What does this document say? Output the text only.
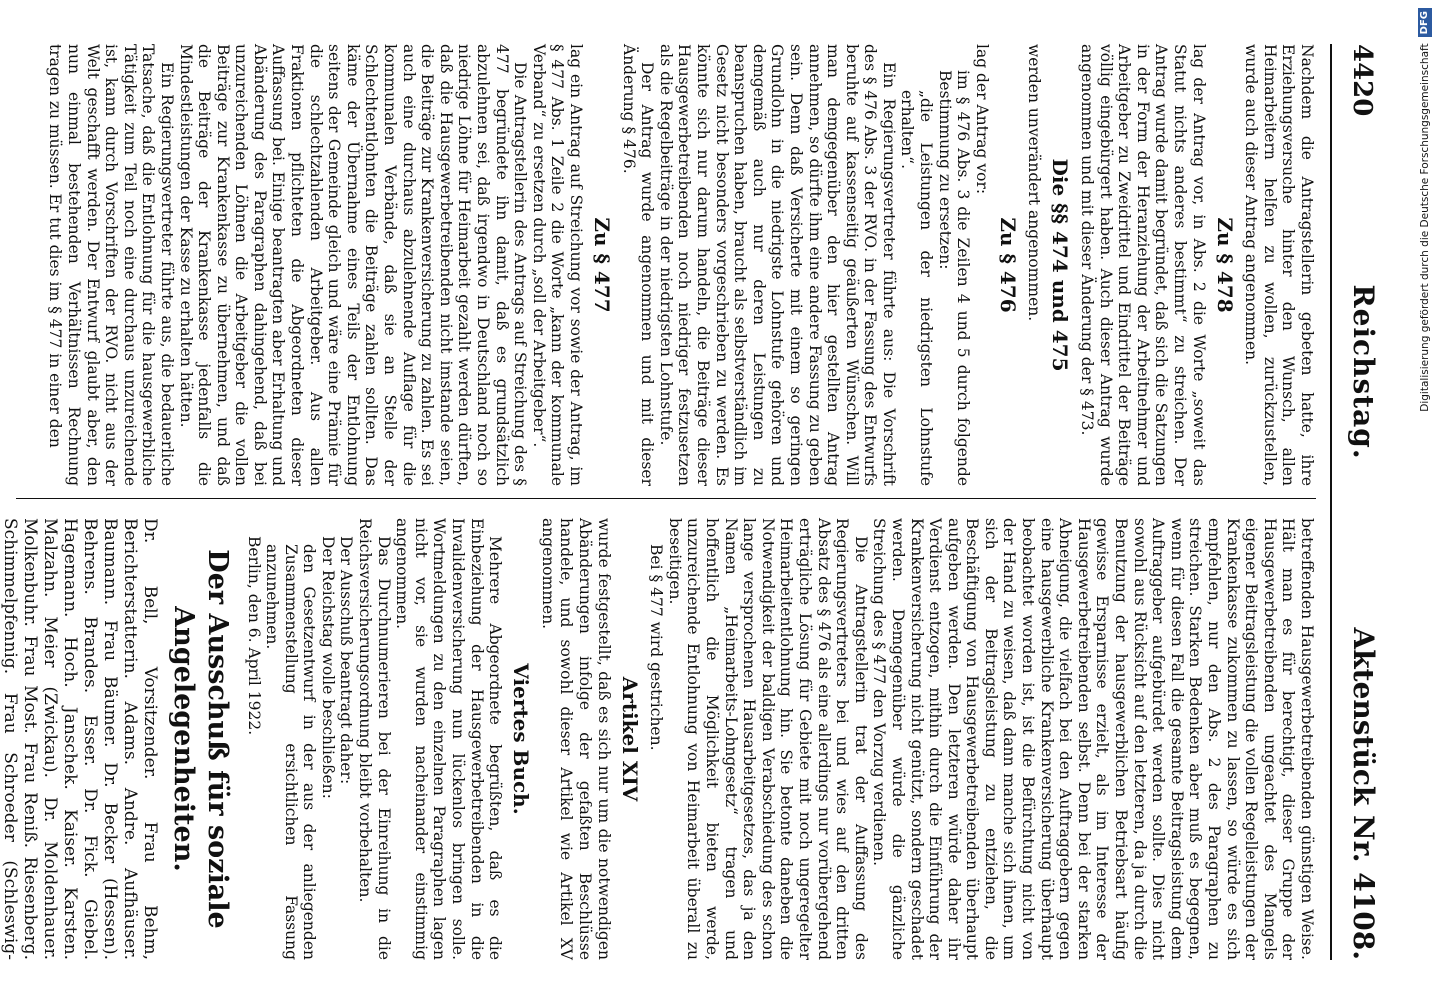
4420
Reichstag.
Aktenstück Nr. 4108.

Nachdem die Antragstellerin gebeten hatte, ihre Erziehungsversuche hinter den Wunsch, allen Heimarbeitern helfen zu wollen, zurückzustellen, wurde auch dieser Antrag angenommen.

Zu § 478

lag der Antrag vor, in Abs. 2 die Worte „soweit das Statut nichts anderes bestimmt“ zu streichen. Der Antrag wurde damit begründet, daß sich die Satzungen in der Form der Heranziehung der Arbeitnehmer und Arbeitgeber zu Zweidrittel und Eindrittel der Beiträge völlig eingebürgert haben. Auch dieser Antrag wurde angenommen und mit dieser Änderung der § 473.

Die §§ 474 und 475

werden unverändert angenommen.

Zu § 476

lag der Antrag vor:

im § 476 Abs. 3 die Zeilen 4 und 5 durch folgende Bestimmung zu ersetzen:

„die Leistungen der niedrigsten Lohnstufe erhalten“.

Ein Regierungsvertreter führte aus: Die Vorschrift des § 476 Abs. 3 der RVO. in der Fassung des Entwurfs beruhte auf kassenseitig geäußerten Wünschen. Will man demgegenüber den hier gestellten Antrag annehmen, so dürfte ihm eine andere Fassung zu geben sein. Denn daß Versicherte mit einem so geringen Grundlohn in die niedrigste Lohnstufe gehören und demgemäß auch nur deren Leistungen zu beanspruchen haben, braucht als selbstverständlich im Gesetz nicht besonders vorgeschrieben zu werden. Es könnte sich nur darum handeln, die Beiträge dieser Hausgewerbetreibenden noch niedriger festzusetzen als die Regelbeiträge in der niedrigsten Lohnstufe.

Der Antrag wurde angenommen und mit dieser Änderung § 476.

Zu § 477

lag ein Antrag auf Streichung vor sowie der Antrag, im § 477 Abs. 1 Zeile 2 die Worte „kann der kommunale Verband“ zu ersetzen durch „soll der Arbeitgeber“.

Die Antragstellerin des Antrags auf Streichung des § 477 begründete ihn damit, daß es grundsätzlich abzulehnen sei, daß irgendwo in Deutschland noch so niedrige Löhne für Heimarbeit gezahlt werden dürften, daß die Hausgewerbetreibenden nicht imstande seien, die Beiträge zur Krankenversicherung zu zahlen. Es sei auch eine durchaus abzulehnende Auflage für die kommunalen Verbände, daß sie an Stelle der Schlechtentlohnten die Beiträge zahlen sollten. Das käme der Übernahme eines Teils der Entlohnung seitens der Gemeinde gleich und wäre eine Prämie für die schlechtzahlenden Arbeitgeber. Aus allen Fraktionen pflichteten die Abgeordneten dieser Auffassung bei. Einige beantragten aber Erhaltung und Abänderung des Paragraphen dahingehend, daß bei unzureichenden Löhnen die Arbeitgeber die vollen Beiträge zur Krankenkasse zu übernehmen, und daß die Beiträge der Krankenkasse jedenfalls die Mindestleistungen der Kasse zu erhalten hätten.

Ein Regierungsvertreter führte aus, die bedauerliche Tatsache, daß die Entlohnung für die hausgewerbliche Tätigkeit zum Teil noch eine durchaus unzureichende ist, kann durch Vorschriften der RVO. nicht aus der Welt geschafft werden. Der Entwurf glaubt aber, den nun einmal bestehenden Verhältnissen Rechnung tragen zu müssen. Er tut dies im § 477 in einer den

betreffenden Hausgewerbetreibenden günstigen Weise. Hält man es für berechtigt, dieser Gruppe der Hausgewerbetreibenden ungeachtet des Mangels eigener Beitragsleistung die vollen Regelleistungen der Krankenkasse zukommen zu lassen, so würde es sich empfehlen, nur den Abs. 2 des Paragraphen zu streichen. Starken Bedenken aber muß es begegnen, wenn für diesen Fall die gesamte Beitragsleistung dem Auftraggeber aufgebürdet werden sollte. Dies nicht sowohl aus Rücksicht auf den letzteren, da ja durch die Benutzung der hausgewerblichen Betriebsart häufig gewisse Ersparnisse erzielt, als im Interesse der Hausgewerbetreibenden selbst. Denn bei der starken Abneigung, die vielfach bei den Auftraggebern gegen eine hausgewerbliche Krankenversicherung überhaupt beobachtet worden ist, ist die Befürchtung nicht von der Hand zu weisen, daß dann manche sich ihnen, um sich der Beitragsleistung zu entziehen, die Beschäftigung von Hausgewerbetreibenden überhaupt aufgeben werden. Den letzteren würde daher ihr Verdienst entzogen, mithin durch die Einführung der Krankenversicherung nicht genützt, sondern geschadet werden. Demgegenüber würde die gänzliche Streichung des § 477 den Vorzug verdienen.

Die Antragstellerin trat der Auffassung des Regierungsvertreters bei und wies auf den dritten Absatz des § 476 als eine allerdings nur vorübergehend erträgliche Lösung für Gebiete mit noch ungeregelter Heimarbeitentlohnung hin. Sie betonte daneben die Notwendigkeit der baldigen Verabschiedung des schon lange versprochenen Hausarbeitgesetzes, das ja den Namen „Heimarbeits-Lohngesetz“ tragen und hoffentlich die Möglichkeit bieten werde, unzureichende Entlohnung von Heimarbeit überall zu beseitigen.

Bei § 477 wird gestrichen.

Artikel XIV

wurde festgestellt, daß es sich nur um die notwendigen Abänderungen infolge der gefaßten Beschlüsse handele, und sowohl dieser Artikel wie Artikel XV angenommen.

Viertes Buch.

Mehrere Abgeordnete begrüßten, daß es die Einbeziehung der Hausgewerbetreibenden in die Invalidenversicherung nun lückenlos bringen solle. Wortmeldungen zu den einzelnen Paragraphen lagen nicht vor, sie wurden nacheinander einstimmig angenommen.

Das Durchnumerieren bei der Einreihung in die Reichsversicherungsordnung bleibt vorbehalten.

Der Ausschuß beantragt daher:

Der Reichstag wolle beschließen:

den Gesetzentwurf in der aus der anliegenden Zusammenstellung ersichtlichen Fassung anzunehmen.

Berlin, den 6. April 1922.

Der Ausschuß für soziale Angelegenheiten.

Dr. Bell, Vorsitzender. Frau Behm, Berichterstatterin. Adams. Andre. Aufhäuser. Baumann. Frau Bäumer. Dr. Becker (Hessen). Behrens. Brandes. Esser. Dr. Fick. Giebel. Hagemann. Hoch. Janschek. Kaiser. Karsten. Malzahn. Meier (Zwickau). Dr. Moldenhauer. Molkenbuhr. Frau Most. Frau Reniß. Riesenberg. Schimmelpfennig. Frau Schroeder (Schleswig-

Digitalisierung gefördert durch die Deutsche Forschungsgemeinschaft
DFG
